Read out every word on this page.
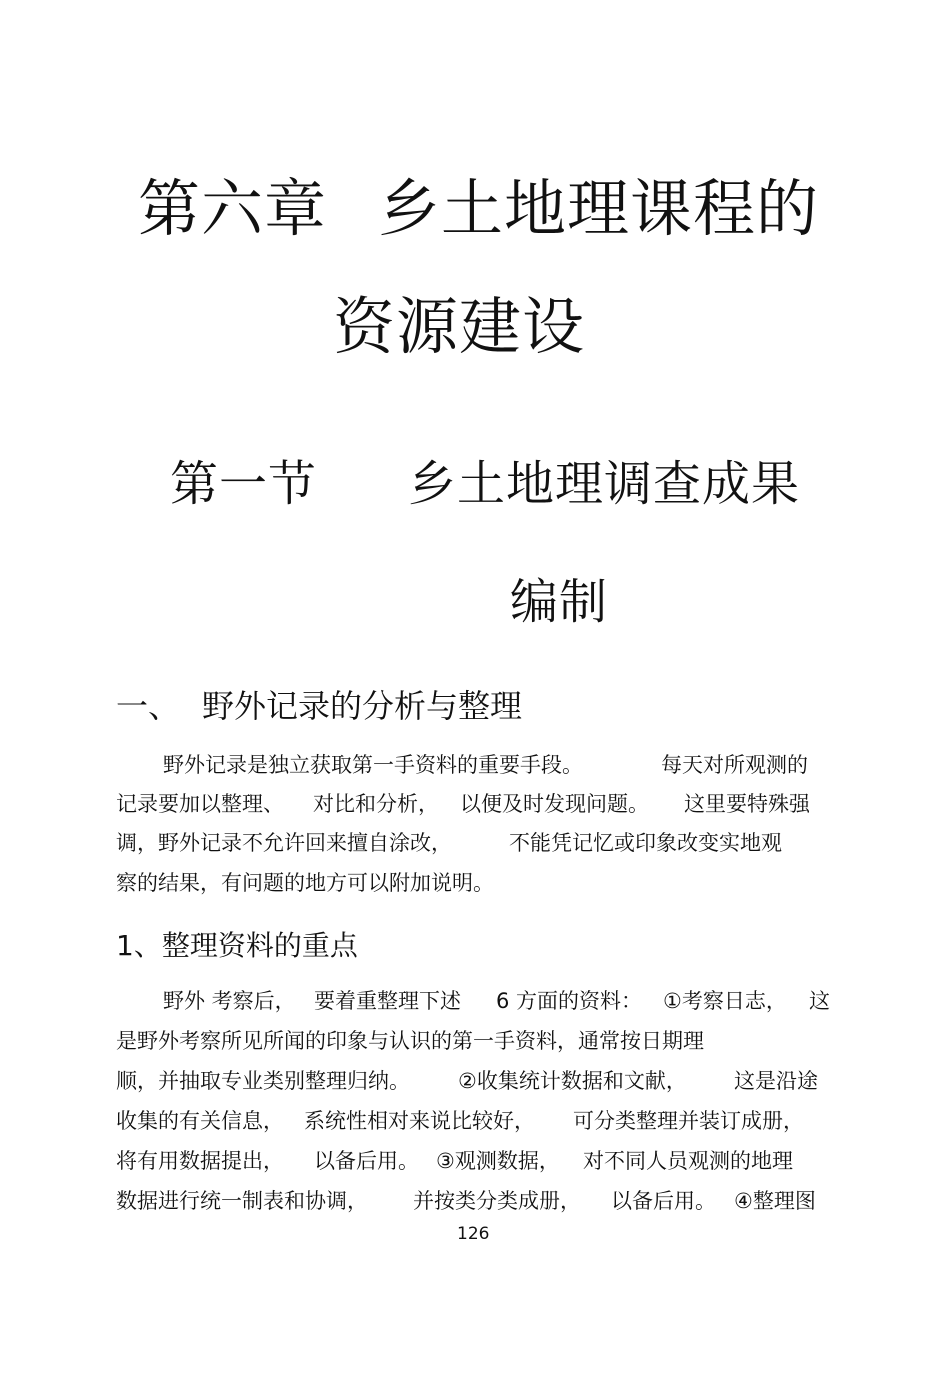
第六章 乡土地理课程的
资源建设
第一节 乡土地理调查成果
编制
一、 野外记录的分析与整理
野外记录是独立获取第一手资料的重要手段。	每天对所观测的
记录要加以整理、 对比和分析， 以便及时发现问题。 这里要特殊强
调，野外记录不允许回来擅自涂改，	不能凭记忆或印象改变实地观
察的结果，有问题的地方可以附加说明。
1、整理资料的重点
野外 考察后， 要着重整理下述 6 方面的资料： ①考察日志， 这
是野外考察所见所闻的印象与认识的第一手资料，通常按日期理
顺，并抽取专业类别整理归纳。 ②收集统计数据和文献， 这是沿途
收集的有关信息， 系统性相对来说比较好， 可分类整理并装订成册，
将有用数据提出， 以备后用。 ③观测数据， 对不同人员观测的地理
数据进行统一制表和协调， 并按类分类成册， 以备后用。 ④整理图
126
